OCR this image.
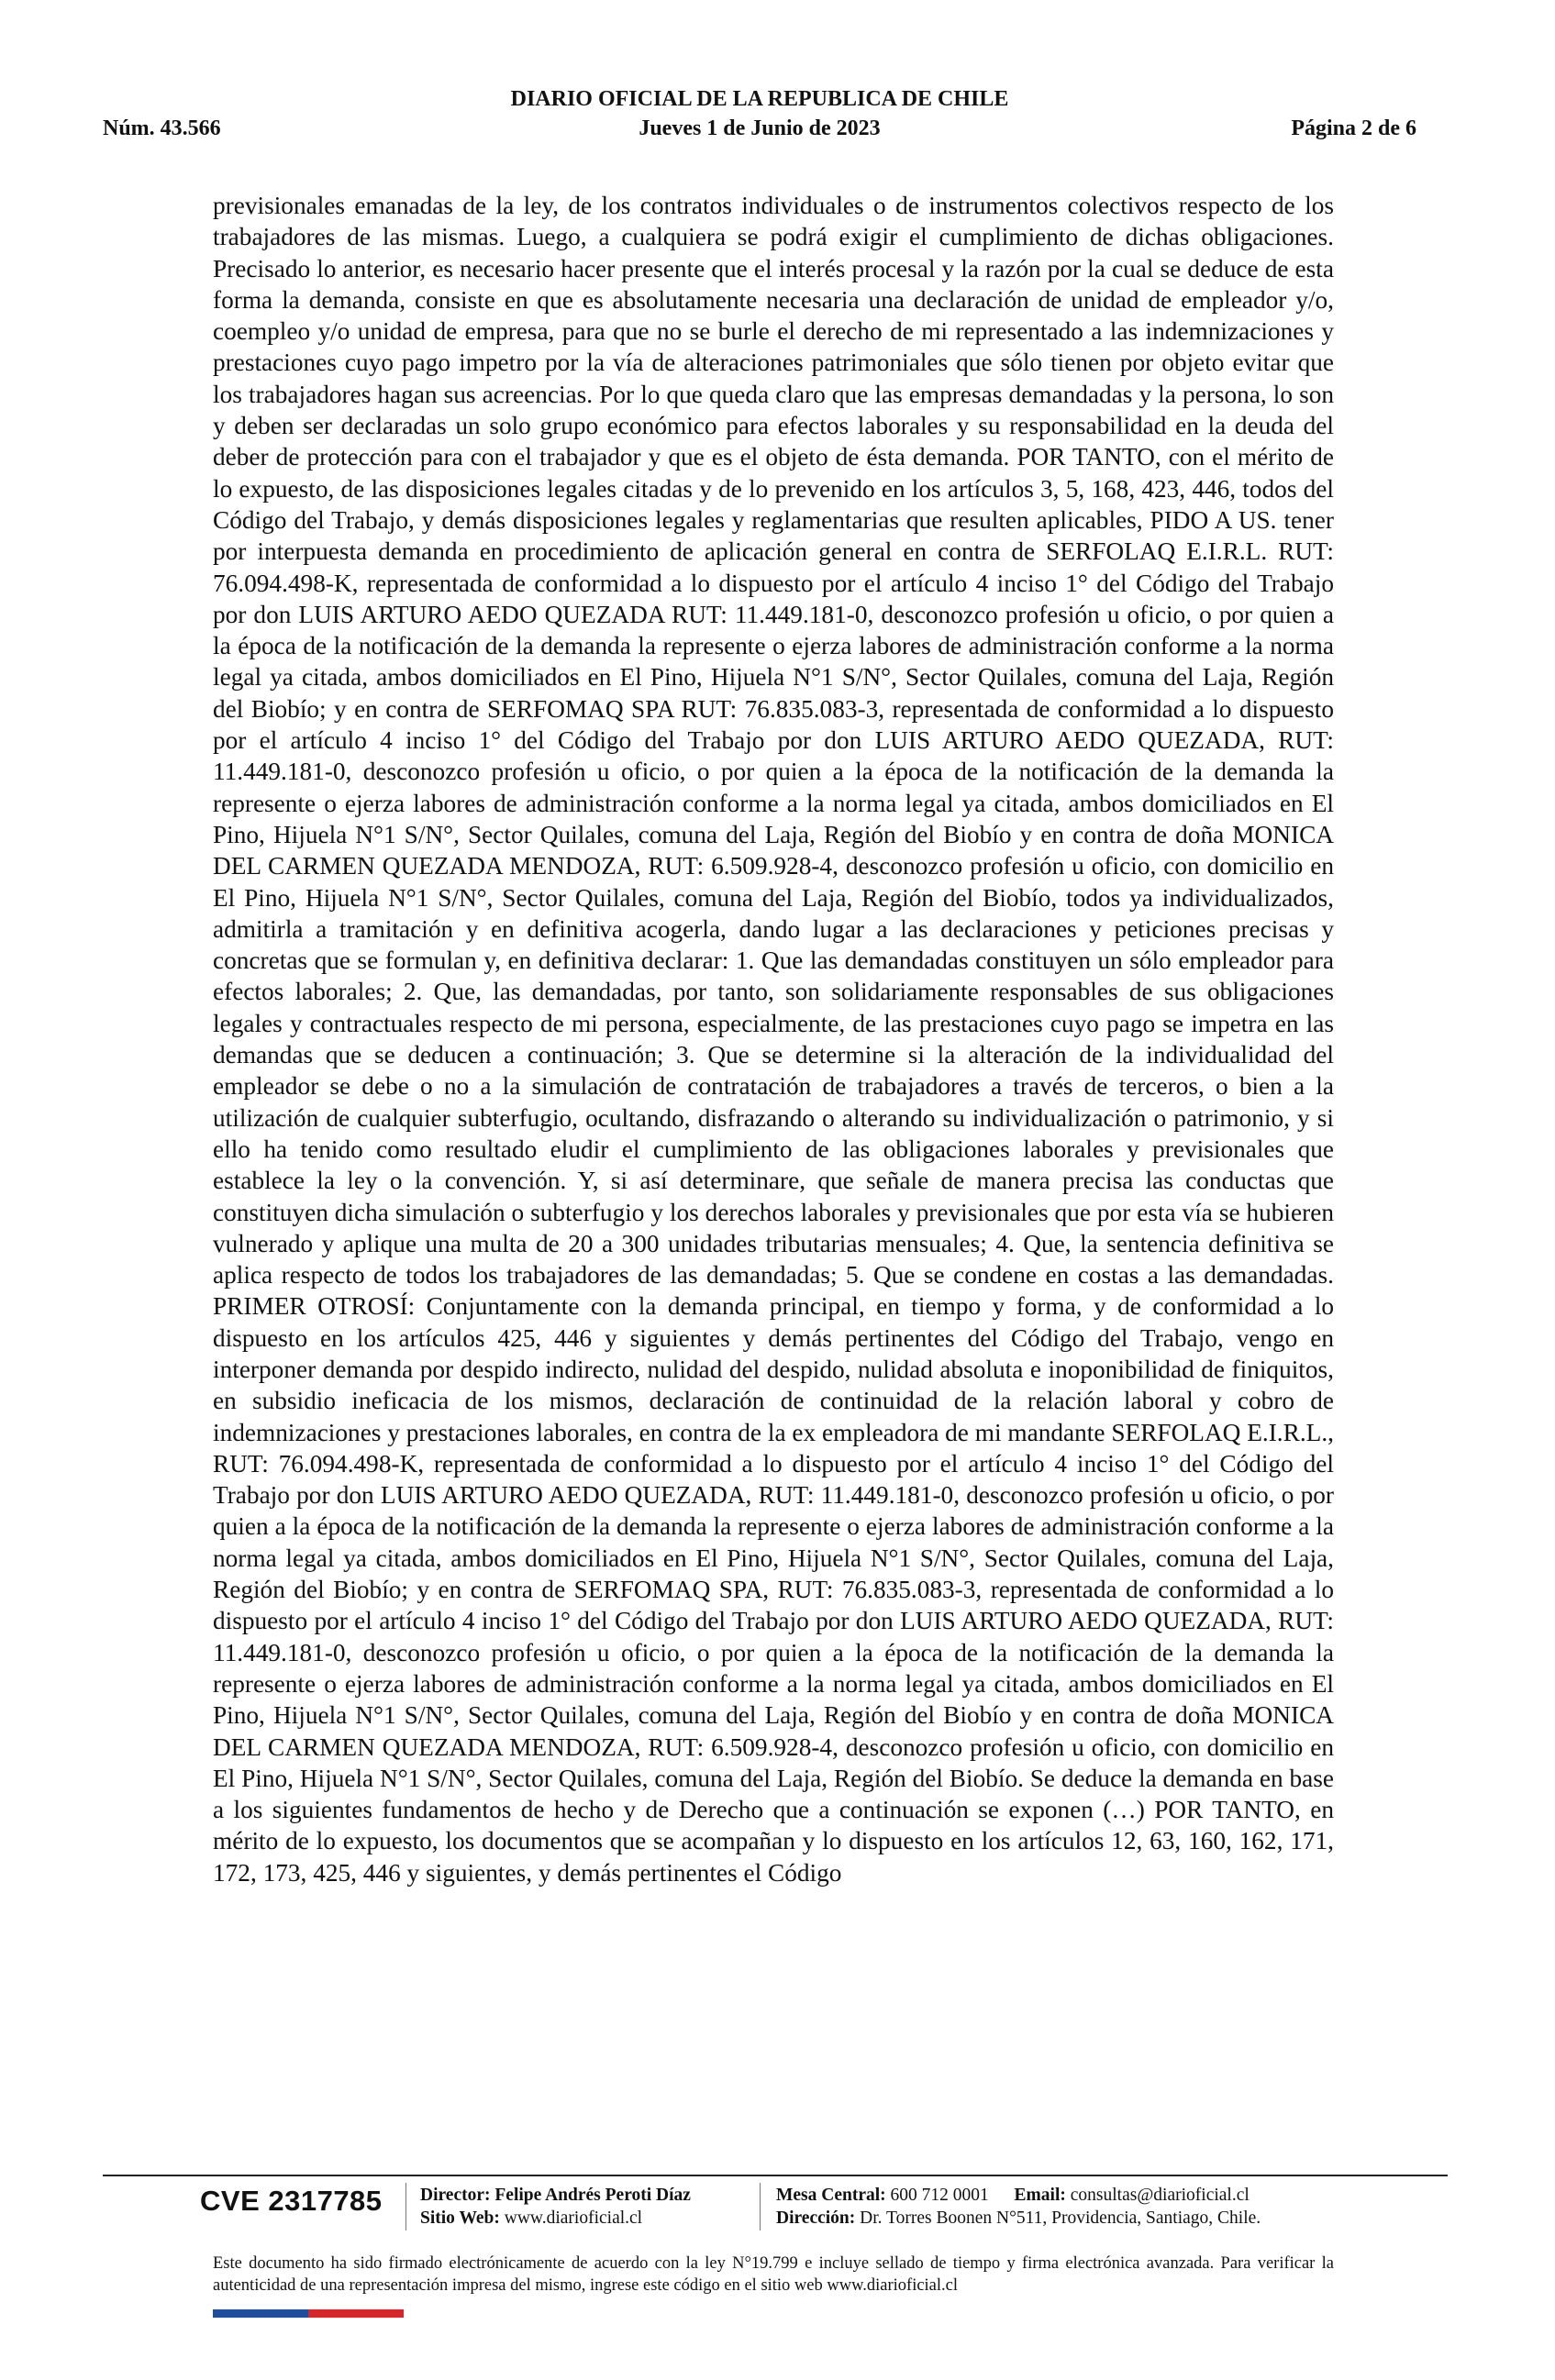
DIARIO OFICIAL DE LA REPUBLICA DE CHILE
Núm. 43.566	Jueves 1 de Junio de 2023	Página 2 de 6
previsionales emanadas de la ley, de los contratos individuales o de instrumentos colectivos respecto de los trabajadores de las mismas. Luego, a cualquiera se podrá exigir el cumplimiento de dichas obligaciones. Precisado lo anterior, es necesario hacer presente que el interés procesal y la razón por la cual se deduce de esta forma la demanda, consiste en que es absolutamente necesaria una declaración de unidad de empleador y/o, coempleo y/o unidad de empresa, para que no se burle el derecho de mi representado a las indemnizaciones y prestaciones cuyo pago impetro por la vía de alteraciones patrimoniales que sólo tienen por objeto evitar que los trabajadores hagan sus acreencias. Por lo que queda claro que las empresas demandadas y la persona, lo son y deben ser declaradas un solo grupo económico para efectos laborales y su responsabilidad en la deuda del deber de protección para con el trabajador y que es el objeto de ésta demanda. POR TANTO, con el mérito de lo expuesto, de las disposiciones legales citadas y de lo prevenido en los artículos 3, 5, 168, 423, 446, todos del Código del Trabajo, y demás disposiciones legales y reglamentarias que resulten aplicables, PIDO A US. tener por interpuesta demanda en procedimiento de aplicación general en contra de SERFOLAQ E.I.R.L. RUT: 76.094.498-K, representada de conformidad a lo dispuesto por el artículo 4 inciso 1° del Código del Trabajo por don LUIS ARTURO AEDO QUEZADA RUT: 11.449.181-0, desconozco profesión u oficio, o por quien a la época de la notificación de la demanda la represente o ejerza labores de administración conforme a la norma legal ya citada, ambos domiciliados en El Pino, Hijuela N°1 S/N°, Sector Quilales, comuna del Laja, Región del Biobío; y en contra de SERFOMAQ SPA RUT: 76.835.083-3, representada de conformidad a lo dispuesto por el artículo 4 inciso 1° del Código del Trabajo por don LUIS ARTURO AEDO QUEZADA, RUT: 11.449.181-0, desconozco profesión u oficio, o por quien a la época de la notificación de la demanda la represente o ejerza labores de administración conforme a la norma legal ya citada, ambos domiciliados en El Pino, Hijuela N°1 S/N°, Sector Quilales, comuna del Laja, Región del Biobío y en contra de doña MONICA DEL CARMEN QUEZADA MENDOZA, RUT: 6.509.928-4, desconozco profesión u oficio, con domicilio en El Pino, Hijuela N°1 S/N°, Sector Quilales, comuna del Laja, Región del Biobío, todos ya individualizados, admitirla a tramitación y en definitiva acogerla, dando lugar a las declaraciones y peticiones precisas y concretas que se formulan y, en definitiva declarar: 1. Que las demandadas constituyen un sólo empleador para efectos laborales; 2. Que, las demandadas, por tanto, son solidariamente responsables de sus obligaciones legales y contractuales respecto de mi persona, especialmente, de las prestaciones cuyo pago se impetra en las demandas que se deducen a continuación; 3. Que se determine si la alteración de la individualidad del empleador se debe o no a la simulación de contratación de trabajadores a través de terceros, o bien a la utilización de cualquier subterfugio, ocultando, disfrazando o alterando su individualización o patrimonio, y si ello ha tenido como resultado eludir el cumplimiento de las obligaciones laborales y previsionales que establece la ley o la convención. Y, si así determinare, que señale de manera precisa las conductas que constituyen dicha simulación o subterfugio y los derechos laborales y previsionales que por esta vía se hubieren vulnerado y aplique una multa de 20 a 300 unidades tributarias mensuales; 4. Que, la sentencia definitiva se aplica respecto de todos los trabajadores de las demandadas; 5. Que se condene en costas a las demandadas. PRIMER OTROSÍ: Conjuntamente con la demanda principal, en tiempo y forma, y de conformidad a lo dispuesto en los artículos 425, 446 y siguientes y demás pertinentes del Código del Trabajo, vengo en interponer demanda por despido indirecto, nulidad del despido, nulidad absoluta e inoponibilidad de finiquitos, en subsidio ineficacia de los mismos, declaración de continuidad de la relación laboral y cobro de indemnizaciones y prestaciones laborales, en contra de la ex empleadora de mi mandante SERFOLAQ E.I.R.L., RUT: 76.094.498-K, representada de conformidad a lo dispuesto por el artículo 4 inciso 1° del Código del Trabajo por don LUIS ARTURO AEDO QUEZADA, RUT: 11.449.181-0, desconozco profesión u oficio, o por quien a la época de la notificación de la demanda la represente o ejerza labores de administración conforme a la norma legal ya citada, ambos domiciliados en El Pino, Hijuela N°1 S/N°, Sector Quilales, comuna del Laja, Región del Biobío; y en contra de SERFOMAQ SPA, RUT: 76.835.083-3, representada de conformidad a lo dispuesto por el artículo 4 inciso 1° del Código del Trabajo por don LUIS ARTURO AEDO QUEZADA, RUT: 11.449.181-0, desconozco profesión u oficio, o por quien a la época de la notificación de la demanda la represente o ejerza labores de administración conforme a la norma legal ya citada, ambos domiciliados en El Pino, Hijuela N°1 S/N°, Sector Quilales, comuna del Laja, Región del Biobío y en contra de doña MONICA DEL CARMEN QUEZADA MENDOZA, RUT: 6.509.928-4, desconozco profesión u oficio, con domicilio en El Pino, Hijuela N°1 S/N°, Sector Quilales, comuna del Laja, Región del Biobío. Se deduce la demanda en base a los siguientes fundamentos de hecho y de Derecho que a continuación se exponen (…) POR TANTO, en mérito de lo expuesto, los documentos que se acompañan y lo dispuesto en los artículos 12, 63, 160, 162, 171, 172, 173, 425, 446 y siguientes, y demás pertinentes el Código
CVE 2317785 Director: Felipe Andrés Peroti Díaz
Sitio Web: www.diarioficial.cl
Mesa Central: 600 712 0001 Email: consultas@diarioficial.cl
Dirección: Dr. Torres Boonen N°511, Providencia, Santiago, Chile.
Este documento ha sido firmado electrónicamente de acuerdo con la ley N°19.799 e incluye sellado de tiempo y firma electrónica avanzada. Para verificar la autenticidad de una representación impresa del mismo, ingrese este código en el sitio web www.diarioficial.cl
